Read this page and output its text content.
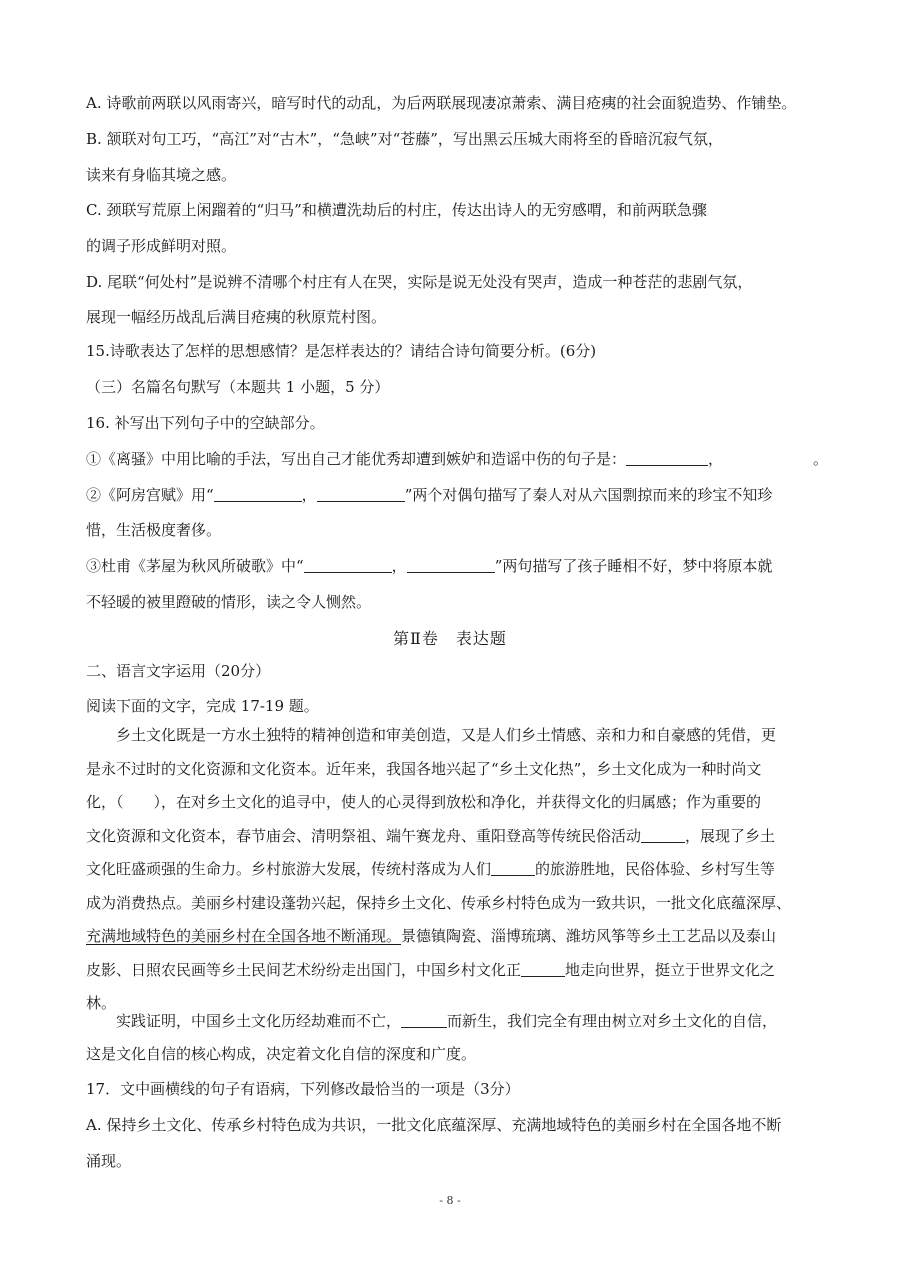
A. 诗歌前两联以风雨寄兴，暗写时代的动乱，为后两联展现凄凉萧索、满目疮痍的社会面貌造势、作铺垫。
B. 颔联对句工巧，“高江”对“古木”，“急峡”对“苍藤”，写出黑云压城大雨将至的昏暗沉寂气氛，
读来有身临其境之感。
C. 颈联写荒原上闲蹓着的“归马”和横遭洗劫后的村庄，传达出诗人的无穷感喟，和前两联急骤
的调子形成鲜明对照。
D. 尾联“何处村”是说辨不清哪个村庄有人在哭，实际是说无处没有哭声，造成一种苍茫的悲剧气氛，
展现一幅经历战乱后满目疮痍的秋原荒村图。
15.诗歌表达了怎样的思想感情？是怎样表达的？请结合诗句简要分析。(6分)
（三）名篇名句默写（本题共 1 小题，5 分）
16. 补写出下列句子中的空缺部分。
①《离骚》中用比喻的手法，写出自己才能优秀却遭到嫉妒和造谣中伤的句子是：	，	。
②《阿房宫赋》用“	，	”两个对偶句描写了秦人对从六国剽掠而来的珍宝不知珍
惜，生活极度奢侈。
③杜甫《茅屋为秋风所破歌》中“	，	”两句描写了孩子睡相不好，梦中将原本就
不轻暖的被里蹬破的情形，读之令人恻然。
第Ⅱ卷　表达题
二、语言文字运用（20分）
阅读下面的文字，完成 17-19 题。
乡土文化既是一方水土独特的精神创造和审美创造，又是人们乡土情感、亲和力和自豪感的凭借，更
是永不过时的文化资源和文化资本。近年来，我国各地兴起了“乡土文化热”，乡土文化成为一种时尚文
化，（　　），在对乡土文化的追寻中，使人的心灵得到放松和净化，并获得文化的归属感；作为重要的
文化资源和文化资本，春节庙会、清明祭祖、端午赛龙舟、重阳登高等传统民俗活动	，展现了乡土
文化旺盛顽强的生命力。乡村旅游大发展，传统村落成为人们	的旅游胜地，民俗体验、乡村写生等
成为消费热点。美丽乡村建设蓬勃兴起，保持乡土文化、传承乡村特色成为一致共识，一批文化底蕴深厚、
充满地域特色的美丽乡村在全国各地不断涌现。景德镇陶瓷、淄博琉璃、潍坊风筝等乡土工艺品以及泰山
皮影、日照农民画等乡土民间艺术纷纷走出国门，中国乡村文化正	地走向世界，挺立于世界文化之
林。
实践证明，中国乡土文化历经劫难而不亡，	而新生，我们完全有理由树立对乡土文化的自信，
这是文化自信的核心构成，决定着文化自信的深度和广度。
17．文中画横线的句子有语病，下列修改最恰当的一项是（3分）
A. 保持乡土文化、传承乡村特色成为共识，一批文化底蕴深厚、充满地域特色的美丽乡村在全国各地不断
涌现。
- 8 -
